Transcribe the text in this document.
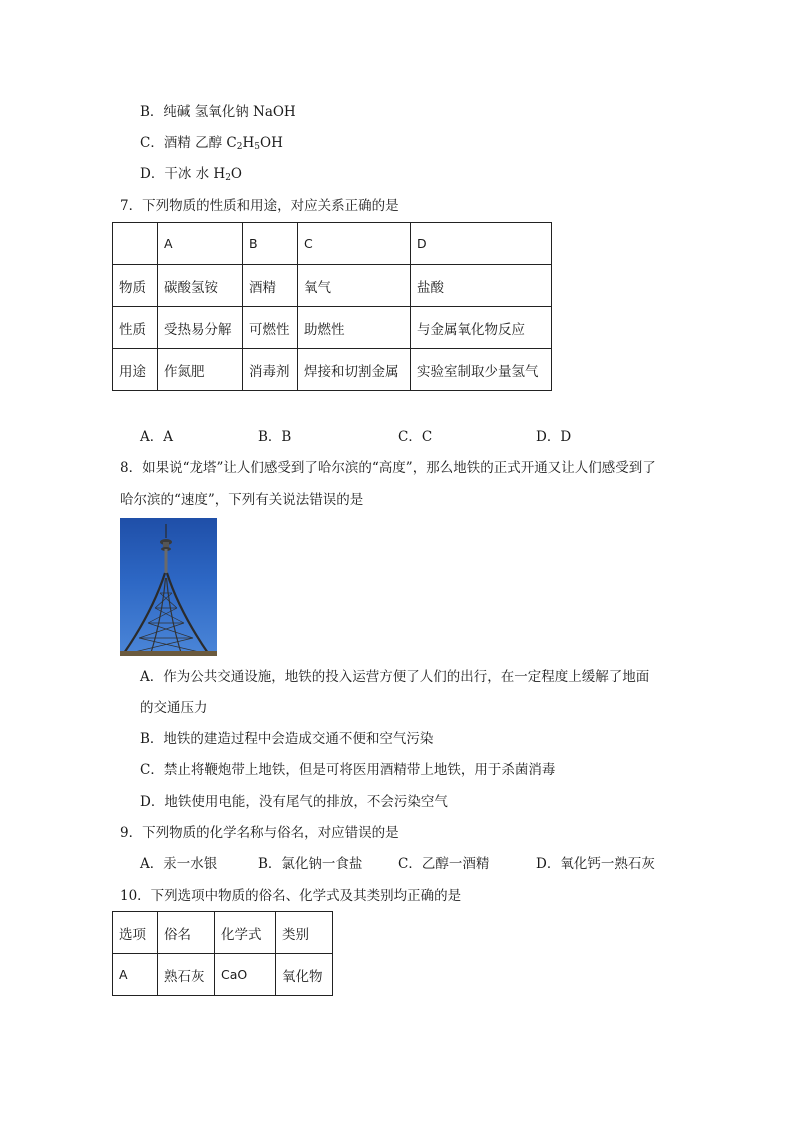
B．纯碱 氢氧化钠 NaOH
C．酒精 乙醇 $C_2H_5OH$
D．干冰 水 $H_2O$
7．下列物质的性质和用途，对应关系正确的是
	A	B	C	D
物质	碳酸氢铵	酒精	氧气	盐酸
性质	受热易分解	可燃性	助燃性	与金属氧化物反应
用途	作氮肥	消毒剂	焊接和切割金属	实验室制取少量氢气
A．A	B．B	C．C	D．D
8．如果说“龙塔”让人们感受到了哈尔滨的“高度”，那么地铁的正式开通又让人们感受到了
哈尔滨的“速度”，下列有关说法错误的是
A．作为公共交通设施，地铁的投入运营方便了人们的出行，在一定程度上缓解了地面
的交通压力
B．地铁的建造过程中会造成交通不便和空气污染
C．禁止将鞭炮带上地铁，但是可将医用酒精带上地铁，用于杀菌消毒
D．地铁使用电能，没有尾气的排放，不会污染空气
9．下列物质的化学名称与俗名，对应错误的是
A．汞一水银	B．氯化钠一食盐	C．乙醇一酒精	D．氧化钙一熟石灰
10．下列选项中物质的俗名、化学式及其类别均正确的是
选项	俗名	化学式	类别
A	熟石灰	CaO	氧化物
